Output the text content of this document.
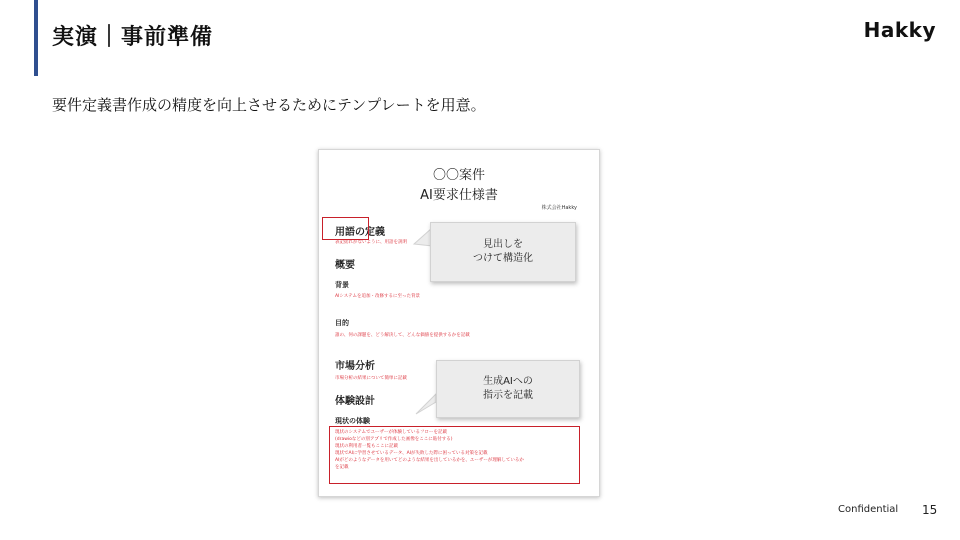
実演｜事前準備	Hakky
要件定義書作成の精度を向上させるためにテンプレートを用意。
〇〇案件
AI要求仕様書
株式会社Hakky
用語の定義
表記揺れがないように、用語を説明
概要
背景
AIシステムを追加・改修するに至った背景
目的
誰の、何の課題を、どう解決して、どんな価値を提供するかを記載
市場分析
市場分析の結果について簡単に記載
体験設計
現状の体験
現状のシステムでユーザーが体験しているフローを記載
(drawioなどの別アプリで作成した画像をここに貼付する)
現状の利用者一覧もここに記載
現状でAIに学習させているデータ、AIが失敗した際に困っている対策を記載
AIがどのようなデータを用いてどのような結果を出しているかを、ユーザーが理解しているか
を記載
見出しを
つけて構造化
生成AIへの
指示を記載
Confidential 15
